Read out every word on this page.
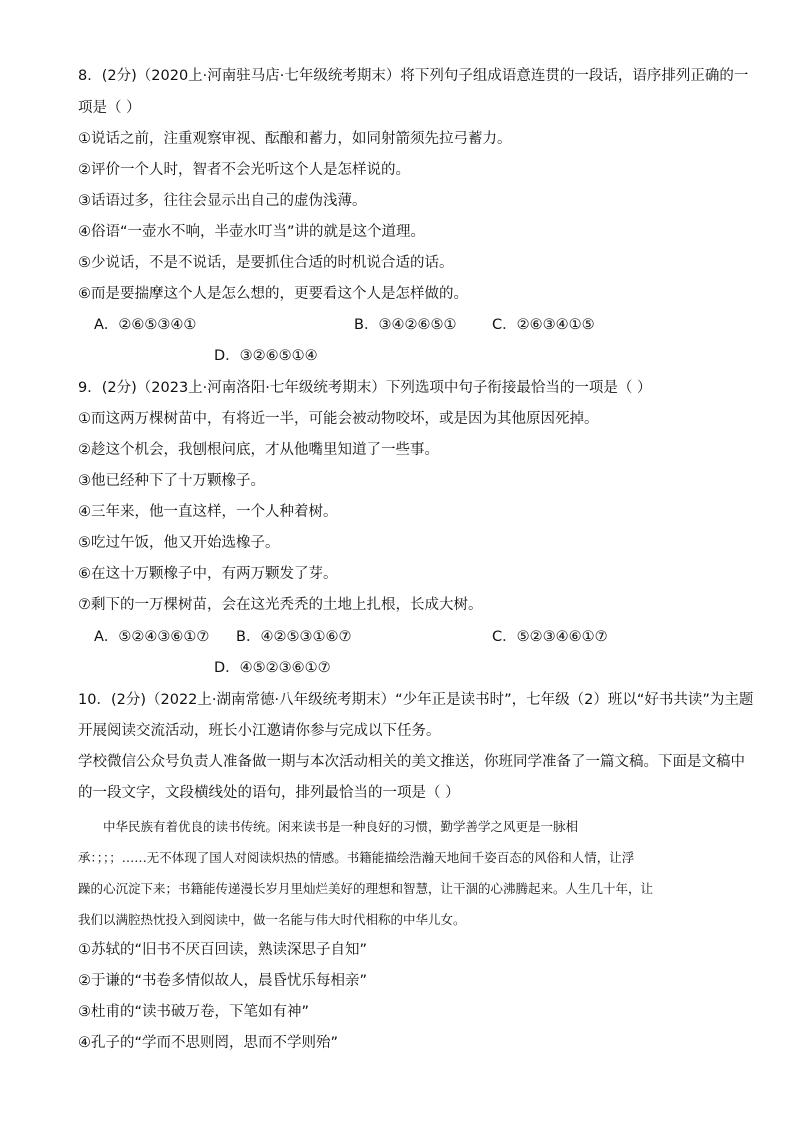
8．(2分)（2020上·河南驻马店·七年级统考期末）将下列句子组成语意连贯的一段话，语序排列正确的一
项是（ ）
①说话之前，注重观察审视、酝酿和蓄力，如同射箭须先拉弓蓄力。
②评价一个人时，智者不会光听这个人是怎样说的。
③话语过多，往往会显示出自己的虚伪浅薄。
④俗语“一壶水不响，半壶水叮当”讲的就是这个道理。
⑤少说话，不是不说话，是要抓住合适的时机说合适的话。
⑥而是要揣摩这个人是怎么想的，更要看这个人是怎样做的。
A．②⑥⑤③④①	B．③④②⑥⑤① C．②⑥③④①⑤
D．③②⑥⑤①④
9．(2分)（2023上·河南洛阳·七年级统考期末）下列选项中句子衔接最恰当的一项是（ ）
①而这两万棵树苗中，有将近一半，可能会被动物咬坏，或是因为其他原因死掉。
②趁这个机会，我刨根问底，才从他嘴里知道了一些事。
③他已经种下了十万颗橡子。
④三年来，他一直这样，一个人种着树。
⑤吃过午饭，他又开始选橡子。
⑥在这十万颗橡子中，有两万颗发了芽。
⑦剩下的一万棵树苗，会在这光秃秃的土地上扎根，长成大树。
A．⑤②④③⑥①⑦ B．④②⑤③①⑥⑦	C．⑤②③④⑥①⑦
D．④⑤②③⑥①⑦
10．(2分)（2022上·湖南常德·八年级统考期末）“少年正是读书时”，七年级（2）班以“好书共读”为主题
开展阅读交流活动，班长小江邀请你参与完成以下任务。
学校微信公众号负责人准备做一期与本次活动相关的美文推送，你班同学准备了一篇文稿。下面是文稿中
的一段文字，文段横线处的语句，排列最恰当的一项是（ ）
　　中华民族有着优良的读书传统。闲来读书是一种良好的习惯，勤学善学之风更是一脉相
承：；；；……无不体现了国人对阅读炽热的情感。书籍能描绘浩瀚天地间千姿百态的风俗和人情，让浮
躁的心沉淀下来；书籍能传递漫长岁月里灿烂美好的理想和智慧，让干涸的心沸腾起来。人生几十年，让
我们以满腔热忱投入到阅读中，做一名能与伟大时代相称的中华儿女。
①苏轼的“旧书不厌百回读，熟读深思子自知”
②于谦的“书卷多情似故人，晨昏忧乐每相亲”
③杜甫的“读书破万卷，下笔如有神”
④孔子的“学而不思则罔，思而不学则殆”
